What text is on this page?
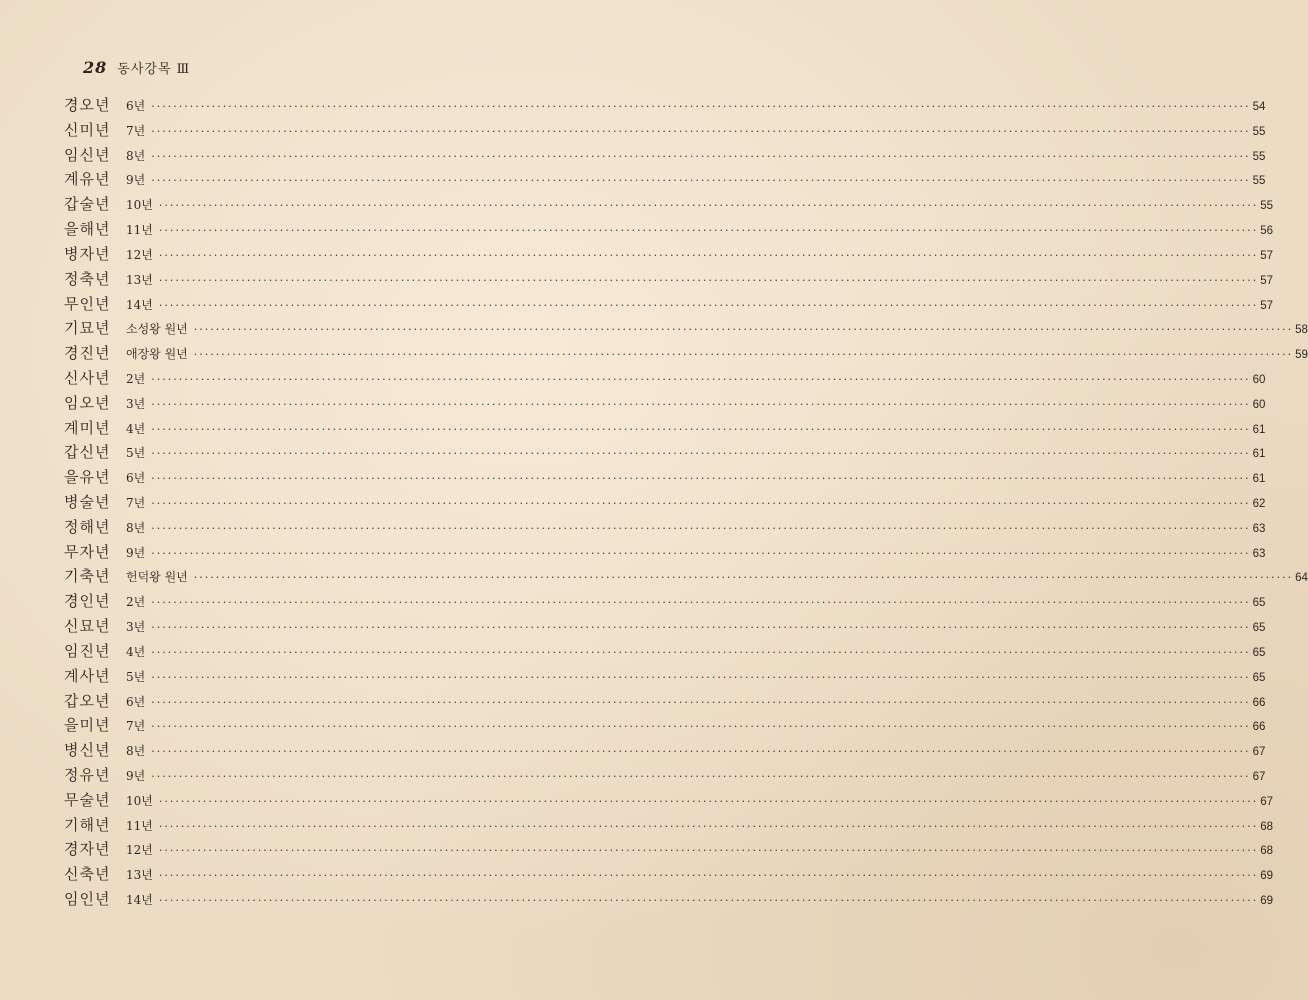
28 동사강목 Ⅲ
경오년	6년 ········································································································································································································ 54
신미년	7년 ········································································································································································································ 55
임신년	8년 ········································································································································································································ 55
계유년	9년 ········································································································································································································ 55
갑술년	10년 ········································································································································································································ 55
을해년	11년 ········································································································································································································ 56
병자년	12년 ········································································································································································································ 57
정축년	13년 ········································································································································································································ 57
무인년	14년 ········································································································································································································ 57
기묘년	소성왕 원년 ········································································································································································································ 58
경진년	애장왕 원년 ········································································································································································································ 59
신사년	2년 ········································································································································································································ 60
임오년	3년 ········································································································································································································ 60
계미년	4년 ········································································································································································································ 61
갑신년	5년 ········································································································································································································ 61
을유년	6년 ········································································································································································································ 61
병술년	7년 ········································································································································································································ 62
정해년	8년 ········································································································································································································ 63
무자년	9년 ········································································································································································································ 63
기축년	헌덕왕 원년 ········································································································································································································ 64
경인년	2년 ········································································································································································································ 65
신묘년	3년 ········································································································································································································ 65
임진년	4년 ········································································································································································································ 65
계사년	5년 ········································································································································································································ 65
갑오년	6년 ········································································································································································································ 66
을미년	7년 ········································································································································································································ 66
병신년	8년 ········································································································································································································ 67
정유년	9년 ········································································································································································································ 67
무술년	10년 ········································································································································································································ 67
기해년	11년 ········································································································································································································ 68
경자년	12년 ········································································································································································································ 68
신축년	13년 ········································································································································································································ 69
임인년	14년 ········································································································································································································ 69
